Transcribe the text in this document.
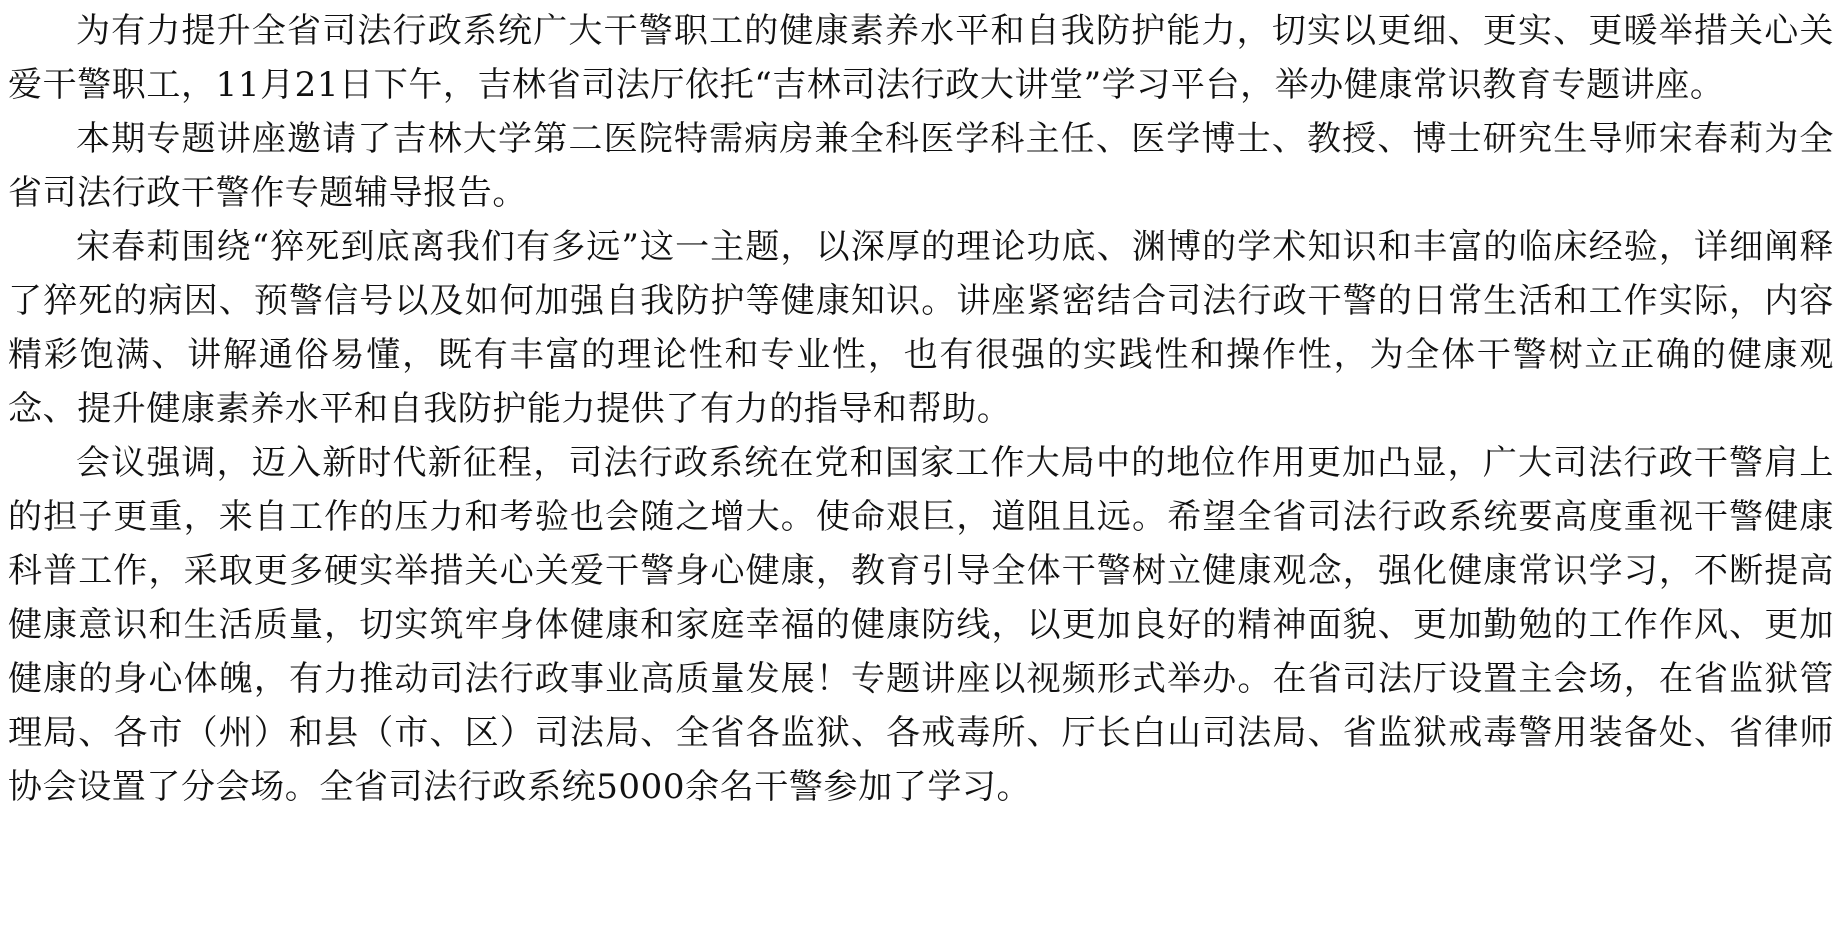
为有力提升全省司法行政系统广大干警职工的健康素养水平和自我防护能力，切实以更细、更实、更暖举措关心关爱干警职工，11月21日下午，吉林省司法厅依托“吉林司法行政大讲堂”学习平台，举办健康常识教育专题讲座。

本期专题讲座邀请了吉林大学第二医院特需病房兼全科医学科主任、医学博士、教授、博士研究生导师宋春莉为全省司法行政干警作专题辅导报告。

宋春莉围绕“猝死到底离我们有多远”这一主题，以深厚的理论功底、渊博的学术知识和丰富的临床经验，详细阐释了猝死的病因、预警信号以及如何加强自我防护等健康知识。讲座紧密结合司法行政干警的日常生活和工作实际，内容精彩饱满、讲解通俗易懂，既有丰富的理论性和专业性，也有很强的实践性和操作性，为全体干警树立正确的健康观念、提升健康素养水平和自我防护能力提供了有力的指导和帮助。

会议强调，迈入新时代新征程，司法行政系统在党和国家工作大局中的地位作用更加凸显，广大司法行政干警肩上的担子更重，来自工作的压力和考验也会随之增大。使命艰巨，道阻且远。希望全省司法行政系统要高度重视干警健康科普工作，采取更多硬实举措关心关爱干警身心健康，教育引导全体干警树立健康观念，强化健康常识学习，不断提高健康意识和生活质量，切实筑牢身体健康和家庭幸福的健康防线，以更加良好的精神面貌、更加勤勉的工作作风、更加健康的身心体魄，有力推动司法行政事业高质量发展！专题讲座以视频形式举办。在省司法厅设置主会场，在省监狱管理局、各市（州）和县（市、区）司法局、全省各监狱、各戒毒所、厅长白山司法局、省监狱戒毒警用装备处、省律师协会设置了分会场。全省司法行政系统5000余名干警参加了学习。
